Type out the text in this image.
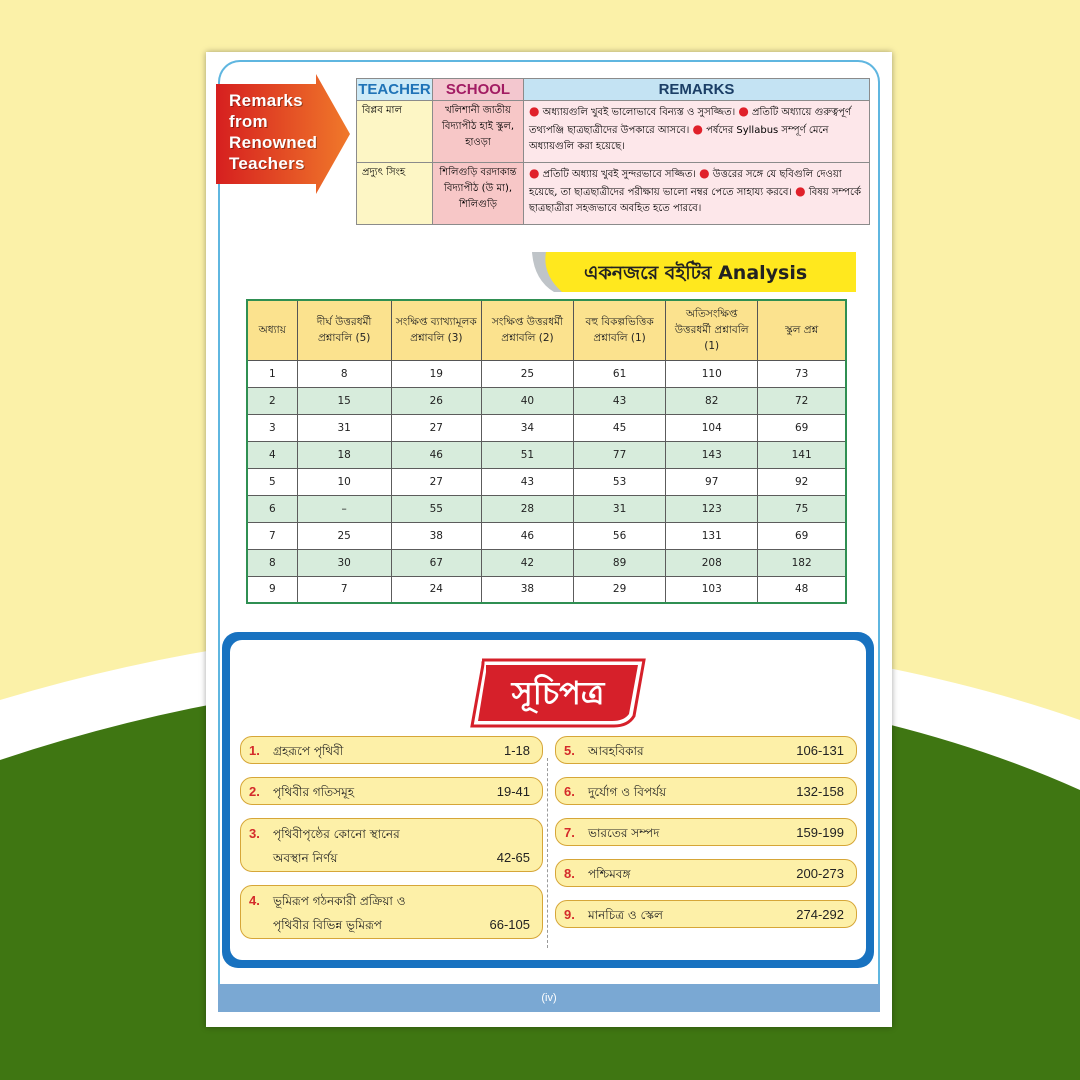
Remarks
from
Renowned
Teachers
TEACHER	SCHOOL	REMARKS
বিপ্লব মাল	খলিশানী জাতীয় বিদ্যাপীঠ হাই স্কুল, হাওড়া	● অধ্যায়গুলি খুবই ভালোভাবে বিন্যস্ত ও সুসজ্জিত। ● প্রতিটি অধ্যায়ে গুরুত্বপূর্ণ তথ্যপঞ্জি ছাত্রছাত্রীদের উপকারে আসবে। ● পর্ষদের Syllabus সম্পূর্ণ মেনে অধ্যায়গুলি করা হয়েছে।
প্রদ্যুৎ সিংহ	শিলিগুড়ি বরদাকান্ত বিদ্যাপীঠ (উ মা), শিলিগুড়ি	● প্রতিটি অধ্যায় খুবই সুন্দরভাবে সজ্জিত। ● উত্তরের সঙ্গে যে ছবিগুলি দেওয়া হয়েছে, তা ছাত্রছাত্রীদের পরীক্ষায় ভালো নম্বর পেতে সাহায্য করবে। ● বিষয় সম্পর্কে ছাত্রছাত্রীরা সহজভাবে অবহিত হতে পারবে।
একনজরে বইটির Analysis
অধ্যায়	দীর্ঘ উত্তরধর্মী প্রশ্নাবলি (5)	সংক্ষিপ্ত ব্যাখ্যামূলক প্রশ্নাবলি (3)	সংক্ষিপ্ত উত্তরধর্মী প্রশ্নাবলি (2)	বহু বিকল্পভিত্তিক প্রশ্নাবলি (1)	অতিসংক্ষিপ্ত উত্তরধর্মী প্রশ্নাবলি (1)	স্কুল প্রশ্ন
1	8	19	25	61	110	73
2	15	26	40	43	82	72
3	31	27	34	45	104	69
4	18	46	51	77	143	141
5	10	27	43	53	97	92
6	–	55	28	31	123	75
7	25	38	46	56	131	69
8	30	67	42	89	208	182
9	7	24	38	29	103	48
সূচিপত্র
1. গ্রহরূপে পৃথিবী	1-18
2. পৃথিবীর গতিসমূহ	19-41
3. পৃথিবীপৃষ্ঠের কোনো স্থানের
অবস্থান নির্ণয়	42-65
4. ভূমিরূপ গঠনকারী প্রক্রিয়া ও
পৃথিবীর বিভিন্ন ভূমিরূপ	66-105
5. আবহবিকার	106-131
6. দুর্যোগ ও বিপর্যয়	132-158
7. ভারতের সম্পদ	159-199
8. পশ্চিমবঙ্গ	200-273
9. মানচিত্র ও স্কেল	274-292
(iv)
